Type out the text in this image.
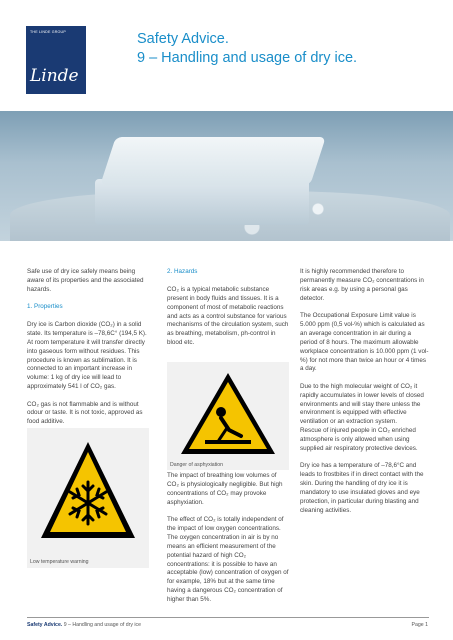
THE LINDE GROUP
Linde
Safety Advice.
9 – Handling and usage of dry ice.

Safe use of dry ice safely means being aware of its properties and the associated hazards.

1. Properties

Dry ice is Carbon dioxide (CO₂) in a solid state. Its temperature is –78,6C° (194,5 K). At room temperature it will transfer directly into gaseous form without residues. This procedure is known as sublimation. It is connected to an important increase in volume: 1 kg of dry ice will lead to approximately 541 l of CO₂ gas.

CO₂ gas is not flammable and is without odour or taste. It is not toxic, approved as food additive.

Low temperature warning
2. Hazards

CO₂ is a typical metabolic substance present in body fluids and tissues. It is a component of most of metabolic reactions and acts as a control substance for various mechanisms of the circulation system, such as breathing, metabolism, ph-control in blood etc.

Danger of asphyxiation

The impact of breathing low volumes of CO₂ is physiologically negligible. But high concentrations of CO₂ may provoke asphyxiation.

The effect of CO₂ is totally independent of the impact of low oxygen concentrations. The oxygen concentration in air is by no means an efficient measurement of the potential hazard of high CO₂ concentrations: it is possible to have an acceptable (low) concentration of oxygen of for example, 18% but at the same time having a dangerous CO₂ concentration of higher than 5%.

It is highly recommended therefore to permanently measure CO₂ concentrations in risk areas e.g. by using a personal gas detector.

The Occupational Exposure Limit value is 5.000 ppm (0,5 vol-%) which is calculated as an average concentration in air during a period of 8 hours. The maximum allowable workplace concentration is 10.000 ppm (1 vol-%) for not more than twice an hour or 4 times a day.

Due to the high molecular weight of CO₂ it rapidly accumulates in lower levels of closed environments and will stay there unless the environment is equipped with effective ventilation or an extraction system.

Rescue of injured people in CO₂ enriched atmosphere is only allowed when using supplied air respiratory protective devices.

Dry ice has a temperature of –78,6°C and leads to frostbites if in direct contact with the skin. During the handling of dry ice it is mandatory to use insulated gloves and eye protection, in particular during blasting and cleaning activities.

Safety Advice. 9 – Handling and usage of dry ice	Page 1
